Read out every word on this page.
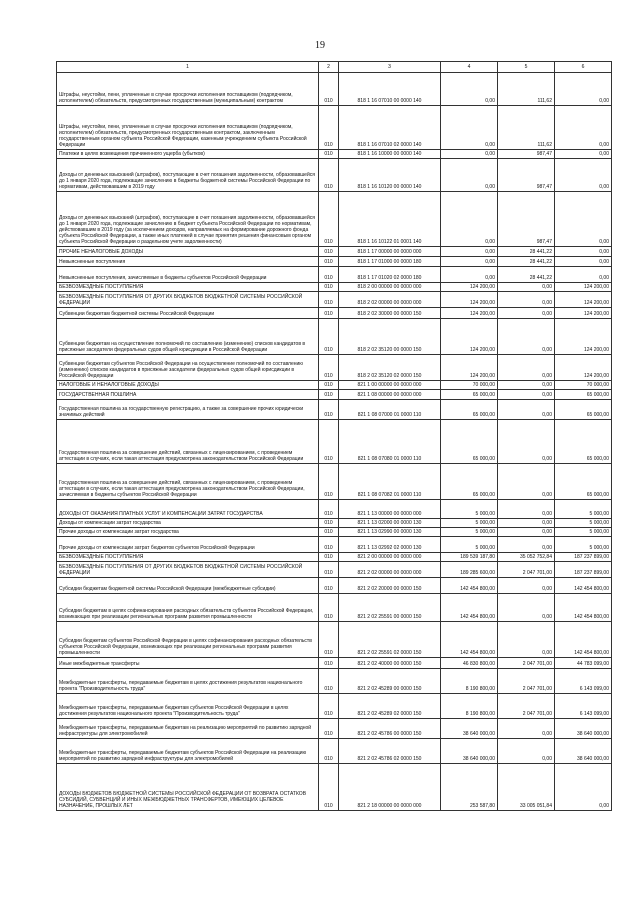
19
1	2	3	4	5	6
Штрафы, неустойки, пени, уплаченные в случае просрочки исполнения поставщиком (подрядчиком, исполнителем) обязательств, предусмотренных государственным (муниципальным) контрактом	010	818 1 16 07010 00 0000 140	0,00	111,62	0,00
Штрафы, неустойки, пени, уплаченные в случае просрочки исполнения поставщиком (подрядчиком, исполнителем) обязательств, предусмотренных государственным контрактом, заключенным государственным органом субъекта Российской Федерации, казенным учреждением субъекта Российской Федерации	010	818 1 16 07010 02 0000 140	0,00	111,62	0,00
Платежи в целях возмещения причиненного ущерба (убытков)	010	818 1 16 10000 00 0000 140	0,00	987,47	0,00
Доходы от денежных взысканий (штрафов), поступающие в счет погашения задолженности, образовавшейся до 1 января 2020 года, подлежащие зачислению в бюджеты бюджетной системы Российской Федерации по нормативам, действовавшим в 2019 году	010	818 1 16 10120 00 0000 140	0,00	987,47	0,00
Доходы от денежных взысканий (штрафов), поступающие в счет погашения задолженности, образовавшейся до 1 января 2020 года, подлежащие зачислению в бюджет субъекта Российской Федерации по нормативам, действовавшим в 2019 году (за исключением доходов, направляемых на формирование дорожного фонда субъекта Российской Федерации, а также иных платежей в случае принятия решения финансовым органом субъекта Российской Федерации о раздельном учете задолженности)	010	818 1 16 10122 01 0001 140	0,00	987,47	0,00
ПРОЧИЕ НЕНАЛОГОВЫЕ ДОХОДЫ	010	818 1 17 00000 00 0000 000	0,00	28 441,22	0,00
Невыясненные поступления	010	818 1 17 01000 00 0000 180	0,00	28 441,22	0,00
Невыясненные поступления, зачисляемые в бюджеты субъектов Российской Федерации	010	818 1 17 01020 02 0000 180	0,00	28 441,22	0,00
БЕЗВОЗМЕЗДНЫЕ ПОСТУПЛЕНИЯ	010	818 2 00 00000 00 0000 000	124 200,00	0,00	124 200,00
БЕЗВОЗМЕЗДНЫЕ ПОСТУПЛЕНИЯ ОТ ДРУГИХ БЮДЖЕТОВ БЮДЖЕТНОЙ СИСТЕМЫ РОССИЙСКОЙ ФЕДЕРАЦИИ	010	818 2 02 00000 00 0000 000	124 200,00	0,00	124 200,00
Субвенции бюджетам бюджетной системы Российской Федерации	010	818 2 02 30000 00 0000 150	124 200,00	0,00	124 200,00
Субвенции бюджетам на осуществление полномочий по составлению (изменению) списков кандидатов в присяжные заседатели федеральных судов общей юрисдикции в Российской Федерации	010	818 2 02 35120 00 0000 150	124 200,00	0,00	124 200,00
Субвенции бюджетам субъектов Российской Федерации на осуществление полномочий по составлению (изменению) списков кандидатов в присяжные заседатели федеральных судов общей юрисдикции в Российской Федерации	010	818 2 02 35120 02 0000 150	124 200,00	0,00	124 200,00
НАЛОГОВЫЕ И НЕНАЛОГОВЫЕ ДОХОДЫ	010	821 1 00 00000 00 0000 000	70 000,00	0,00	70 000,00
ГОСУДАРСТВЕННАЯ ПОШЛИНА	010	821 1 08 00000 00 0000 000	65 000,00	0,00	65 000,00
Государственная пошлина за государственную регистрацию, а также за совершение прочих юридически значимых действий	010	821 1 08 07000 01 0000 110	65 000,00	0,00	65 000,00
Государственная пошлина за совершение действий, связанных с лицензированием, с проведением аттестации в случаях, если такая аттестация предусмотрена законодательством Российской Федерации	010	821 1 08 07080 01 0000 110	65 000,00	0,00	65 000,00
Государственная пошлина за совершение действий, связанных с лицензированием, с проведением аттестации в случаях, если такая аттестация предусмотрена законодательством Российской Федерации, зачисляемая в бюджеты субъектов Российской Федерации	010	821 1 08 07082 01 0000 110	65 000,00	0,00	65 000,00
ДОХОДЫ ОТ ОКАЗАНИЯ ПЛАТНЫХ УСЛУГ И КОМПЕНСАЦИИ ЗАТРАТ ГОСУДАРСТВА	010	821 1 13 00000 00 0000 000	5 000,00	0,00	5 000,00
Доходы от компенсации затрат государства	010	821 1 13 02000 00 0000 130	5 000,00	0,00	5 000,00
Прочие доходы от компенсации затрат государства	010	821 1 13 02990 00 0000 130	5 000,00	0,00	5 000,00
Прочие доходы от компенсации затрат бюджетов субъектов Российской Федерации	010	821 1 13 02992 02 0000 130	5 000,00	0,00	5 000,00
БЕЗВОЗМЕЗДНЫЕ ПОСТУПЛЕНИЯ	010	821 2 00 00000 00 0000 000	189 539 187,80	35 052 752,84	187 237 899,00
БЕЗВОЗМЕЗДНЫЕ ПОСТУПЛЕНИЯ ОТ ДРУГИХ БЮДЖЕТОВ БЮДЖЕТНОЙ СИСТЕМЫ РОССИЙСКОЙ ФЕДЕРАЦИИ	010	821 2 02 00000 00 0000 000	189 285 600,00	2 047 701,00	187 237 899,00
Субсидии бюджетам бюджетной системы Российской Федерации (межбюджетные субсидии)	010	821 2 02 20000 00 0000 150	142 454 800,00	0,00	142 454 800,00
Субсидии бюджетам в целях софинансирования расходных обязательств субъектов Российской Федерации, возникающих при реализации региональных программ развития промышленности	010	821 2 02 25591 00 0000 150	142 454 800,00	0,00	142 454 800,00
Субсидии бюджетам субъектов Российской Федерации в целях софинансирования расходных обязательств субъектов Российской Федерации, возникающих при реализации региональных программ развития промышленности	010	821 2 02 25591 02 0000 150	142 454 800,00	0,00	142 454 800,00
Иные межбюджетные трансферты	010	821 2 02 40000 00 0000 150	46 830 800,00	2 047 701,00	44 783 099,00
Межбюджетные трансферты, передаваемые бюджетам в целях достижения результатов национального проекта "Производительность труда"	010	821 2 02 45289 00 0000 150	8 190 800,00	2 047 701,00	6 143 099,00
Межбюджетные трансферты, передаваемые бюджетам субъектов Российской Федерации в целях достижения результатов национального проекта "Производительность труда"	010	821 2 02 45289 02 0000 150	8 190 800,00	2 047 701,00	6 143 099,00
Межбюджетные трансферты, передаваемые бюджетам на реализацию мероприятий по развитию зарядной инфраструктуры для электромобилей	010	821 2 02 45786 00 0000 150	38 640 000,00	0,00	38 640 000,00
Межбюджетные трансферты, передаваемые бюджетам субъектов Российской Федерации на реализацию мероприятий по развитию зарядной инфраструктуры для электромобилей	010	821 2 02 45786 02 0000 150	38 640 000,00	0,00	38 640 000,00
ДОХОДЫ БЮДЖЕТОВ БЮДЖЕТНОЙ СИСТЕМЫ РОССИЙСКОЙ ФЕДЕРАЦИИ ОТ ВОЗВРАТА ОСТАТКОВ СУБСИДИЙ, СУБВЕНЦИЙ И ИНЫХ МЕЖБЮДЖЕТНЫХ ТРАНСФЕРТОВ, ИМЕЮЩИХ ЦЕЛЕВОЕ НАЗНАЧЕНИЕ, ПРОШЛЫХ ЛЕТ	010	821 2 18 00000 00 0000 000	253 587,80	33 005 051,84	0,00
